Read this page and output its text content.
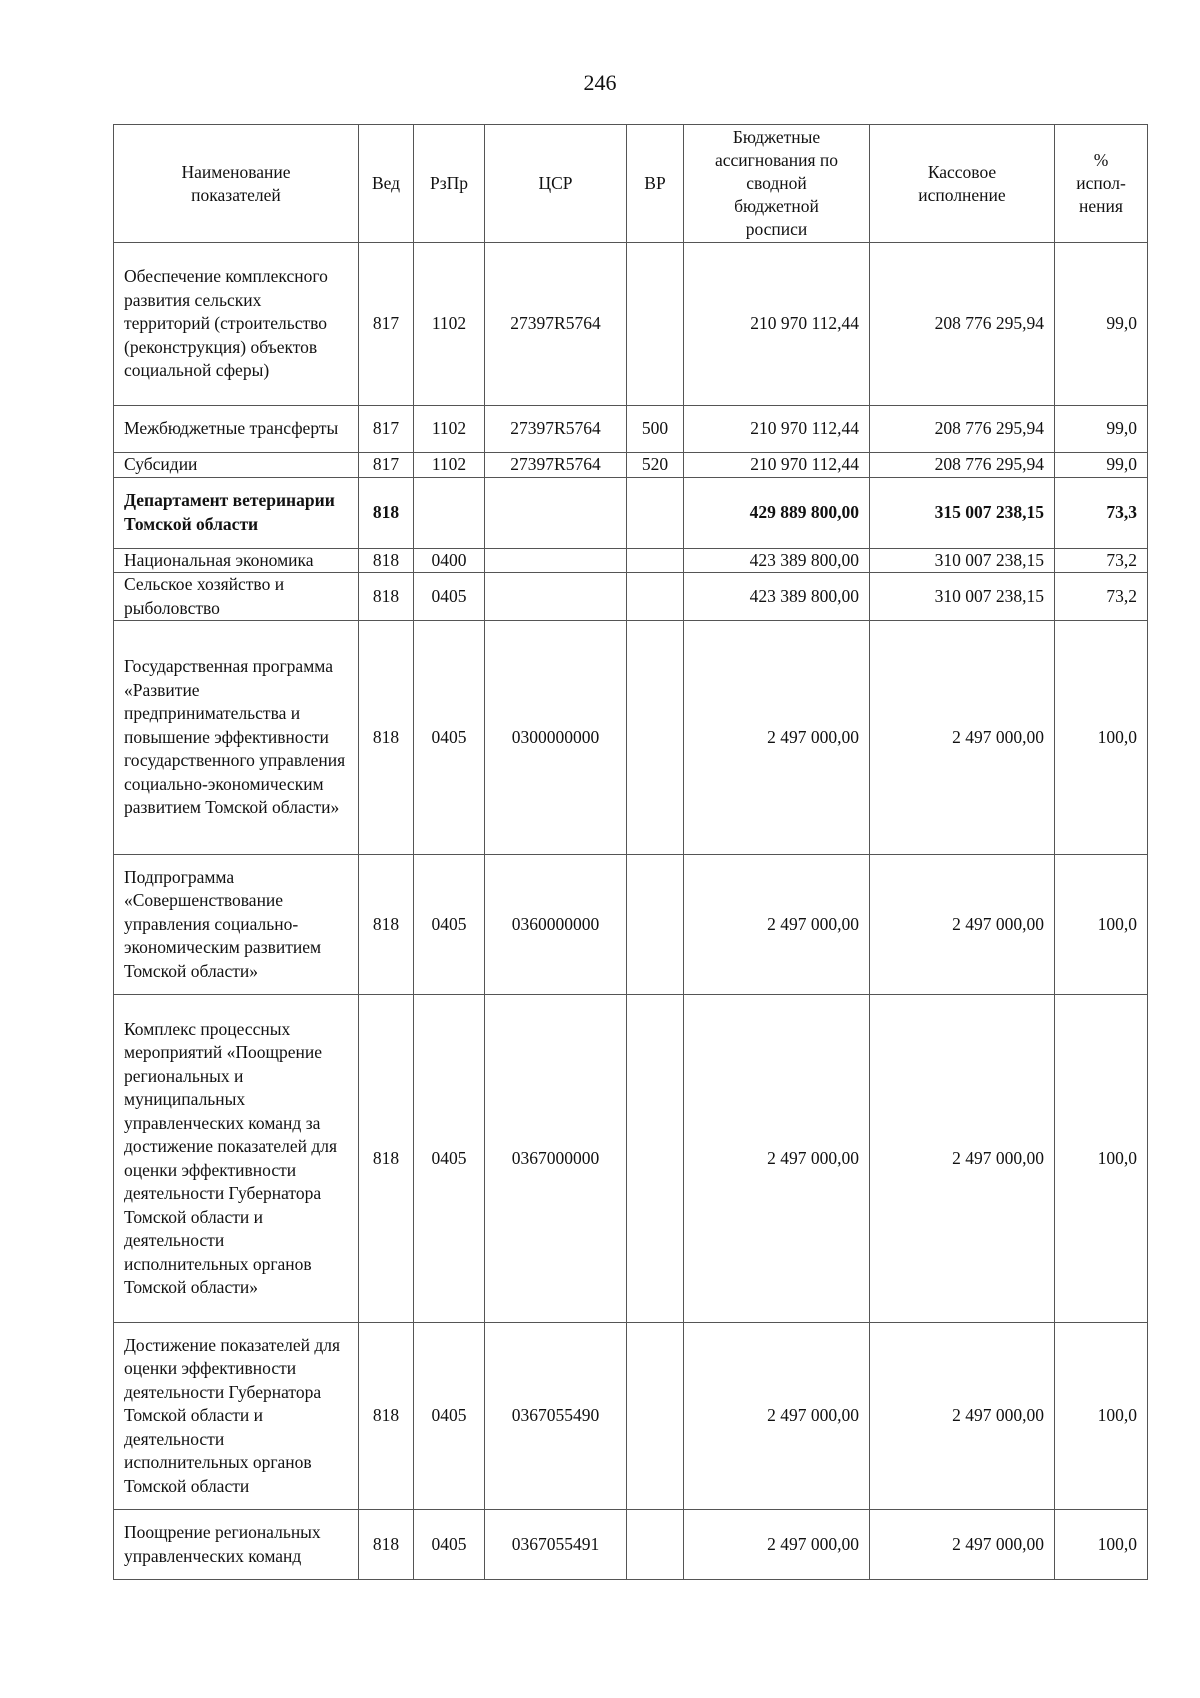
246
Наименование показателей	Вед	РзПр	ЦСР	ВР	Бюджетные ассигнования по сводной бюджетной росписи	Кассовое исполнение	% испол-нения
Обеспечение комплексного развития сельских территорий (строительство (реконструкция) объектов социальной сферы)	817	1102	27397R5764		210 970 112,44	208 776 295,94	99,0
Межбюджетные трансферты	817	1102	27397R5764	500	210 970 112,44	208 776 295,94	99,0
Субсидии	817	1102	27397R5764	520	210 970 112,44	208 776 295,94	99,0
Департамент ветеринарии Томской области	818				429 889 800,00	315 007 238,15	73,3
Национальная экономика	818	0400			423 389 800,00	310 007 238,15	73,2
Сельское хозяйство и рыболовство	818	0405			423 389 800,00	310 007 238,15	73,2
Государственная программа «Развитие предпринимательства и повышение эффективности государственного управления социально-экономическим развитием Томской области»	818	0405	0300000000		2 497 000,00	2 497 000,00	100,0
Подпрограмма «Совершенствование управления социально-экономическим развитием Томской области»	818	0405	0360000000		2 497 000,00	2 497 000,00	100,0
Комплекс процессных мероприятий «Поощрение региональных и муниципальных управленческих команд за достижение показателей для оценки эффективности деятельности Губернатора Томской области и деятельности исполнительных органов Томской области»	818	0405	0367000000		2 497 000,00	2 497 000,00	100,0
Достижение показателей для оценки эффективности деятельности Губернатора Томской области и деятельности исполнительных органов Томской области	818	0405	0367055490		2 497 000,00	2 497 000,00	100,0
Поощрение региональных управленческих команд	818	0405	0367055491		2 497 000,00	2 497 000,00	100,0
